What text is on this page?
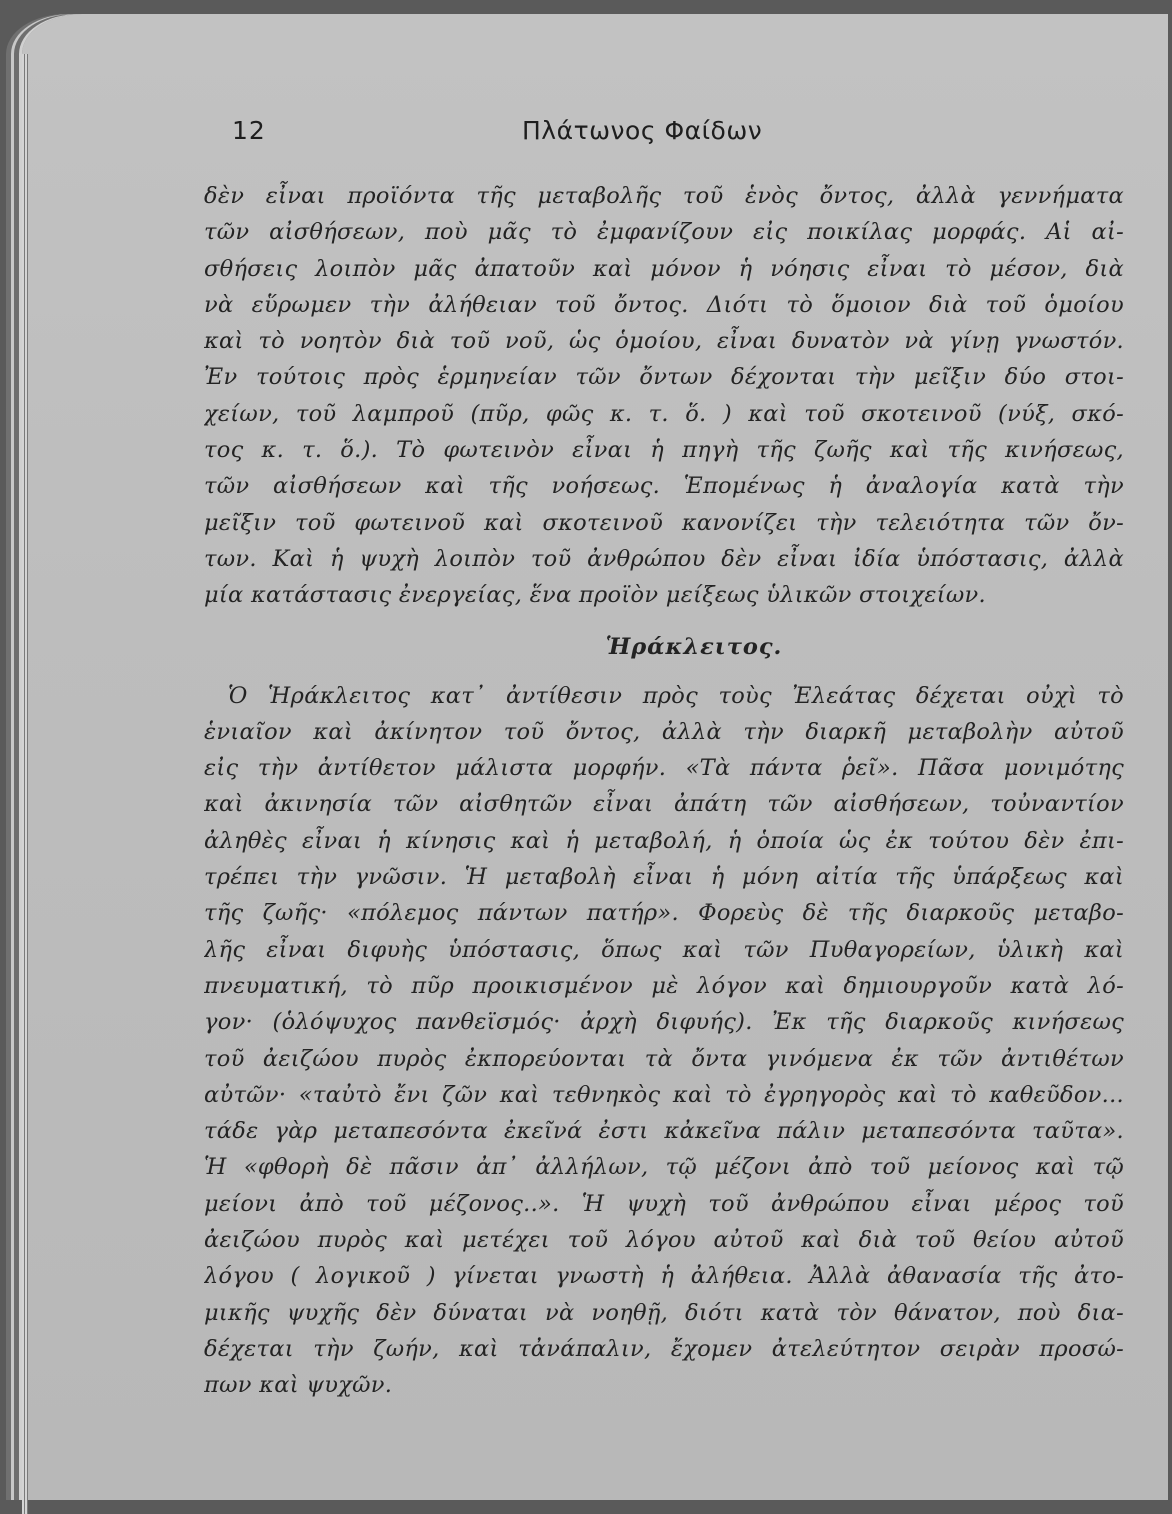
12	Πλάτωνος Φαίδων
δὲν εἶναι προϊόντα τῆς μεταβολῆς τοῦ ἑνὸς ὄντος, ἀλλὰ γεννήματα
τῶν αἰσθήσεων, ποὺ μᾶς τὸ ἐμφανίζουν εἰς ποικίλας μορφάς. Αἱ αἰ-
σθήσεις λοιπὸν μᾶς ἀπατοῦν καὶ μόνον ἡ νόησις εἶναι τὸ μέσον, διὰ
νὰ εὕρωμεν τὴν ἀλήθειαν τοῦ ὄντος. Διότι τὸ ὅμοιον διὰ τοῦ ὁμοίου
καὶ τὸ νοητὸν διὰ τοῦ νοῦ, ὡς ὁμοίου, εἶναι δυνατὸν νὰ γίνῃ γνωστόν.
Ἐν τούτοις πρὸς ἑρμηνείαν τῶν ὄντων δέχονται τὴν μεῖξιν δύο στοι-
χείων, τοῦ λαμπροῦ (πῦρ, φῶς κ. τ. ὅ. ) καὶ τοῦ σκοτεινοῦ (νύξ, σκό-
τος κ. τ. ὅ.). Τὸ φωτεινὸν εἶναι ἡ πηγὴ τῆς ζωῆς καὶ τῆς κινήσεως,
τῶν αἰσθήσεων καὶ τῆς νοήσεως. Ἑπομένως ἡ ἀναλογία κατὰ τὴν
μεῖξιν τοῦ φωτεινοῦ καὶ σκοτεινοῦ κανονίζει τὴν τελειότητα τῶν ὄν-
των. Καὶ ἡ ψυχὴ λοιπὸν τοῦ ἀνθρώπου δὲν εἶναι ἰδία ὑπόστασις, ἀλλὰ
μία κατάστασις ἐνεργείας, ἕνα προϊὸν μείξεως ὑλικῶν στοιχείων.
Ἡράκλειτος.
Ὁ Ἡράκλειτος κατ᾽ ἀντίθεσιν πρὸς τοὺς Ἐλεάτας δέχεται οὐχὶ τὸ
ἑνιαῖον καὶ ἀκίνητον τοῦ ὄντος, ἀλλὰ τὴν διαρκῆ μεταβολὴν αὐτοῦ
εἰς τὴν ἀντίθετον μάλιστα μορφήν. «Τὰ πάντα ῥεῖ». Πᾶσα μονιμότης
καὶ ἀκινησία τῶν αἰσθητῶν εἶναι ἀπάτη τῶν αἰσθήσεων, τοὐναντίον
ἀληθὲς εἶναι ἡ κίνησις καὶ ἡ μεταβολή, ἡ ὁποία ὡς ἐκ τούτου δὲν ἐπι-
τρέπει τὴν γνῶσιν. Ἡ μεταβολὴ εἶναι ἡ μόνη αἰτία τῆς ὑπάρξεως καὶ
τῆς ζωῆς· «πόλεμος πάντων πατήρ». Φορεὺς δὲ τῆς διαρκοῦς μεταβο-
λῆς εἶναι διφυὴς ὑπόστασις, ὅπως καὶ τῶν Πυθαγορείων, ὑλικὴ καὶ
πνευματική, τὸ πῦρ προικισμένον μὲ λόγον καὶ δημιουργοῦν κατὰ λό-
γον· (ὁλόψυχος πανθεϊσμός· ἀρχὴ διφυής). Ἐκ τῆς διαρκοῦς κινήσεως
τοῦ ἀειζώου πυρὸς ἐκπορεύονται τὰ ὄντα γινόμενα ἐκ τῶν ἀντιθέτων
αὐτῶν· «ταὐτὸ ἔνι ζῶν καὶ τεθνηκὸς καὶ τὸ ἐγρηγορὸς καὶ τὸ καθεῦδον...
τάδε γὰρ μεταπεσόντα ἐκεῖνά ἐστι κἀκεῖνα πάλιν μεταπεσόντα ταῦτα».
Ἡ «φθορὴ δὲ πᾶσιν ἀπ᾽ ἀλλήλων, τῷ μέζονι ἀπὸ τοῦ μείονος καὶ τῷ
μείονι ἀπὸ τοῦ μέζονος..». Ἡ ψυχὴ τοῦ ἀνθρώπου εἶναι μέρος τοῦ
ἀειζώου πυρὸς καὶ μετέχει τοῦ λόγου αὐτοῦ καὶ διὰ τοῦ θείου αὐτοῦ
λόγου ( λογικοῦ ) γίνεται γνωστὴ ἡ ἀλήθεια. Ἀλλὰ ἀθανασία τῆς ἀτο-
μικῆς ψυχῆς δὲν δύναται νὰ νοηθῇ, διότι κατὰ τὸν θάνατον, ποὺ δια-
δέχεται τὴν ζωήν, καὶ τἀνάπαλιν, ἔχομεν ἀτελεύτητον σειρὰν προσώ-
πων καὶ ψυχῶν.
